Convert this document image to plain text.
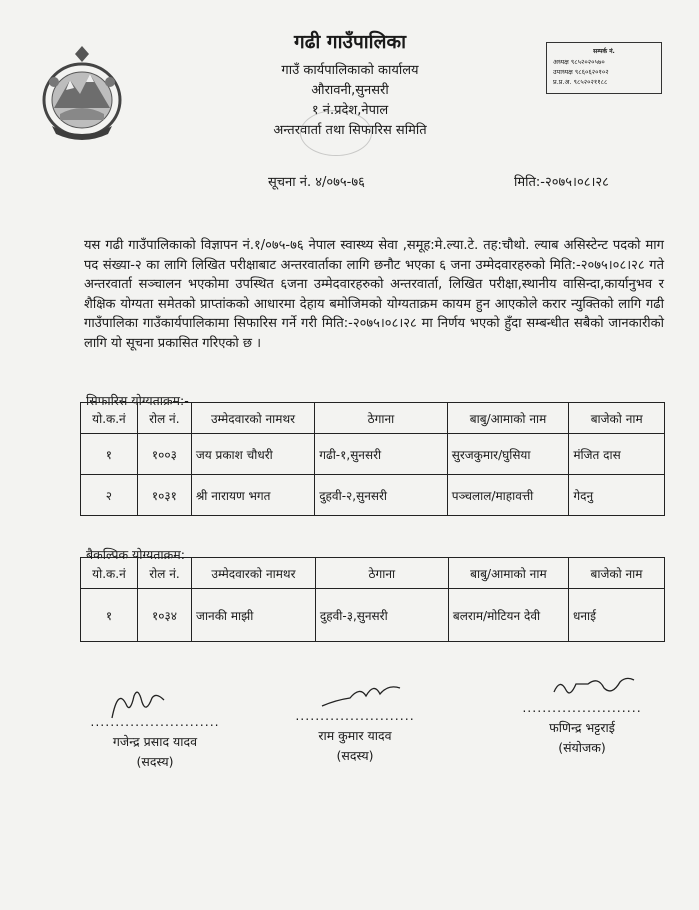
गढी गाउँपालिका
गाउँ कार्यपालिकाको कार्यालय
औरावनी,सुनसरी
१ नं.प्रदेश,नेपाल
अन्तरवार्ता तथा सिफारिस समिति
सम्पर्क नं.
अध्यक्ष ९८५२०२०५७०
उपाध्यक्ष ९८६०६२०१०२
प्र.प्र.अ. ९८५२०२११८८
सूचना नं. ४/०७५-७६	मिति:-२०७५।०८।२८
यस गढी गाउँपालिकाको विज्ञापन नं.१/०७५-७६ नेपाल स्वास्थ्य सेवा ,समूह:मे.ल्या.टे. तह:चौथो. ल्याब असिस्टेन्ट पदको माग पद संख्या-२ का लागि लिखित परीक्षाबाट अन्तरवार्ताका लागि छनौट भएका ६ जना उम्मेदवारहरुको मिति:-२०७५।०८।२८ गते अन्तरवार्ता सञ्चालन भएकोमा उपस्थित ६जना उम्मेदवारहरुको अन्तरवार्ता, लिखित परीक्षा,स्थानीय वासिन्दा,कार्यानुभव र शैक्षिक योग्यता समेतको प्राप्तांकको आधारमा देहाय बमोजिमको योग्यताक्रम कायम हुन आएकोले करार न्युक्तिको लागि गढी गाउँपालिका गाउँकार्यपालिकामा सिफारिस गर्ने गरी मिति:-२०७५।०८।२८ मा निर्णय भएको हुँदा सम्बन्धीत सबैको जानकारीको लागि यो सूचना प्रकासित गरिएको छ ।
सिफारिस योग्यताक्रम:-
यो.क.नं	रोल नं.	उम्मेदवारको नामथर	ठेगाना	बाबु/आमाको नाम	बाजेको नाम
१	१००३	जय प्रकाश चौधरी	गढी-१,सुनसरी	सुरजकुमार/घुसिया	मंजित दास
२	१०३१	श्री नारायण भगत	दुहवी-२,सुनसरी	पञ्चलाल/माहावत्ती	गेदनु
बैकल्पिक योग्यताक्रम:
यो.क.नं	रोल नं.	उम्मेदवारको नामथर	ठेगाना	बाबु/आमाको नाम	बाजेको नाम
१	१०३४	जानकी माझी	दुहवी-३,सुनसरी	बलराम/मोटियन देवी	धनाई
..........................
गजेन्द्र प्रसाद यादव
(सदस्य)
........................
राम कुमार यादव
(सदस्य)
........................
फणिन्द्र भट्टराई
(संयोजक)
